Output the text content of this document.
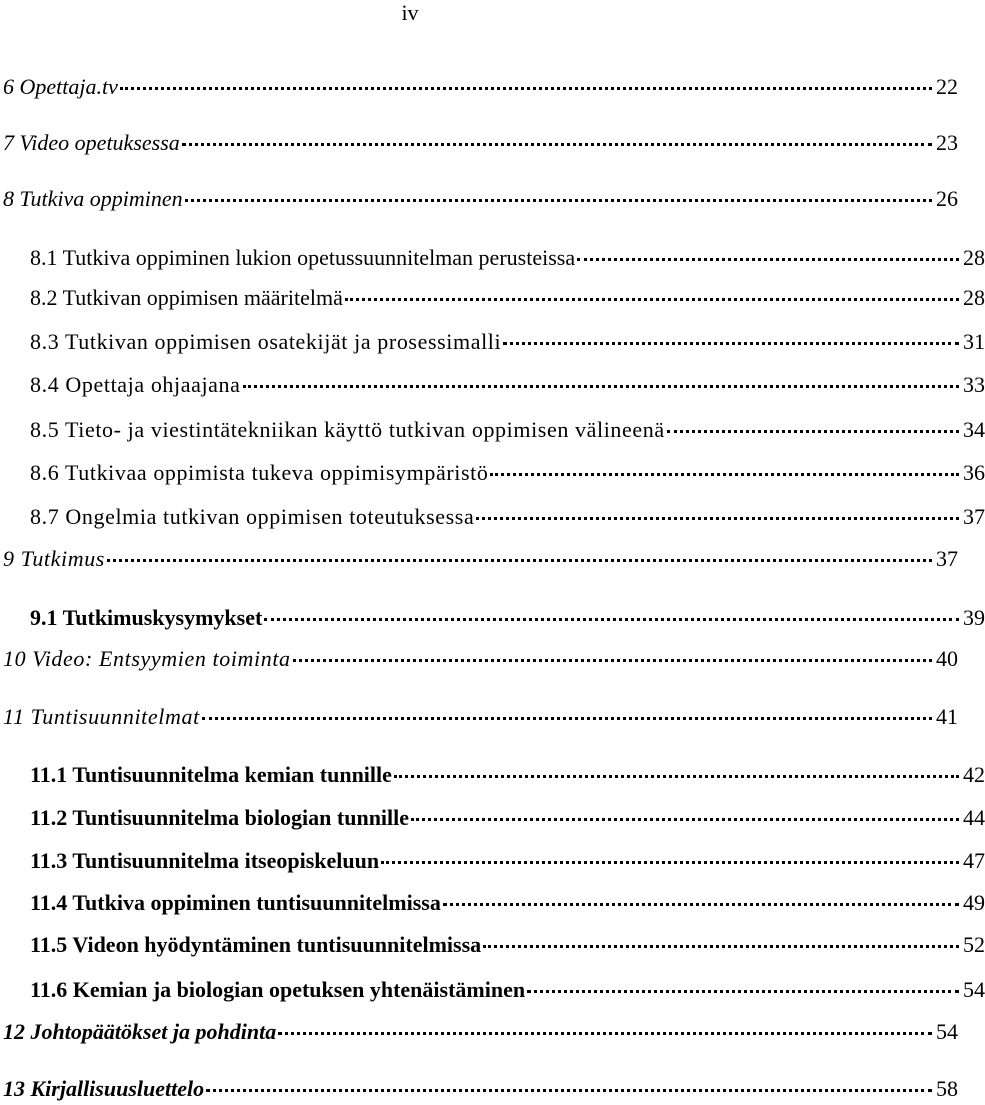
iv
6 Opettaja.tv	22
7 Video opetuksessa	23
8 Tutkiva oppiminen	26
8.1 Tutkiva oppiminen lukion opetussuunnitelman perusteissa	28
8.2 Tutkivan oppimisen määritelmä	28
8.3 Tutkivan oppimisen osatekijät ja prosessimalli	31
8.4 Opettaja ohjaajana	33
8.5 Tieto- ja viestintätekniikan käyttö tutkivan oppimisen välineenä	34
8.6 Tutkivaa oppimista tukeva oppimisympäristö	36
8.7 Ongelmia tutkivan oppimisen toteutuksessa	37
9 Tutkimus	37
9.1 Tutkimuskysymykset	39
10 Video: Entsyymien toiminta	40
11 Tuntisuunnitelmat	41
11.1 Tuntisuunnitelma kemian tunnille	42
11.2 Tuntisuunnitelma biologian tunnille	44
11.3 Tuntisuunnitelma itseopiskeluun	47
11.4 Tutkiva oppiminen tuntisuunnitelmissa	49
11.5 Videon hyödyntäminen tuntisuunnitelmissa	52
11.6 Kemian ja biologian opetuksen yhtenäistäminen	54
12 Johtopäätökset ja pohdinta	54
13 Kirjallisuusluettelo	58
